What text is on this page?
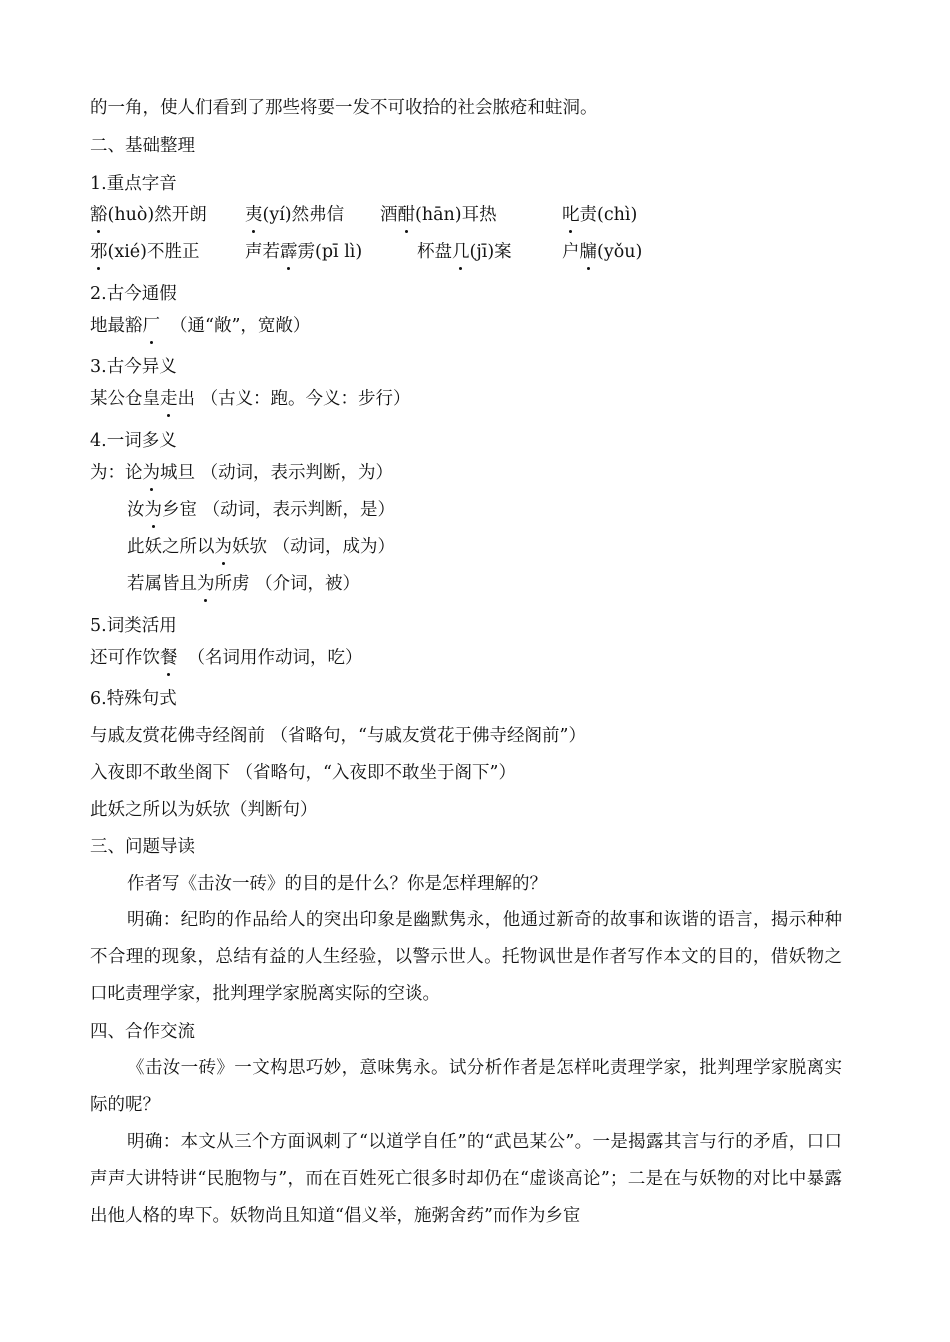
的一角，使人们看到了那些将要一发不可收拾的社会脓疮和蛀洞。
二、基础整理
1.重点字音
豁(huò)然开朗 夷(yí)然弗信 酒酣(hān)耳热	叱责(chì)
邪(xié)不胜正	声若霹雳(pī lì)	杯盘几(jī)案	户牖(yǒu)
2.古今通假
地最豁厂 （通“敞”，宽敞）
3.古今异义
某公仓皇走出 （古义：跑。今义：步行）
4.一词多义
为：论为城旦 （动词，表示判断，为）
汝为乡宦 （动词，表示判断，是）
此妖之所以为妖欤 （动词，成为）
若属皆且为所虏 （介词，被）
5.词类活用
还可作饮餐 （名词用作动词，吃）
6.特殊句式
与戚友赏花佛寺经阁前 （省略句，“与戚友赏花于佛寺经阁前”）
入夜即不敢坐阁下 （省略句，“入夜即不敢坐于阁下”）
此妖之所以为妖欤（判断句）
三、问题导读
作者写《击汝一砖》的目的是什么？你是怎样理解的？

明确：纪昀的作品给人的突出印象是幽默隽永，他通过新奇的故事和诙谐的语言，揭示种种不合理的现象，总结有益的人生经验，以警示世人。托物讽世是作者写作本文的目的，借妖物之口叱责理学家，批判理学家脱离实际的空谈。

四、合作交流

《击汝一砖》一文构思巧妙，意味隽永。试分析作者是怎样叱责理学家，批判理学家脱离实际的呢？

明确：本文从三个方面讽刺了“以道学自任”的“武邑某公”。一是揭露其言与行的矛盾，口口声声大讲特讲“民胞物与”，而在百姓死亡很多时却仍在“虚谈高论”；二是在与妖物的对比中暴露出他人格的卑下。妖物尚且知道“倡义举，施粥舍药”而作为乡宦
